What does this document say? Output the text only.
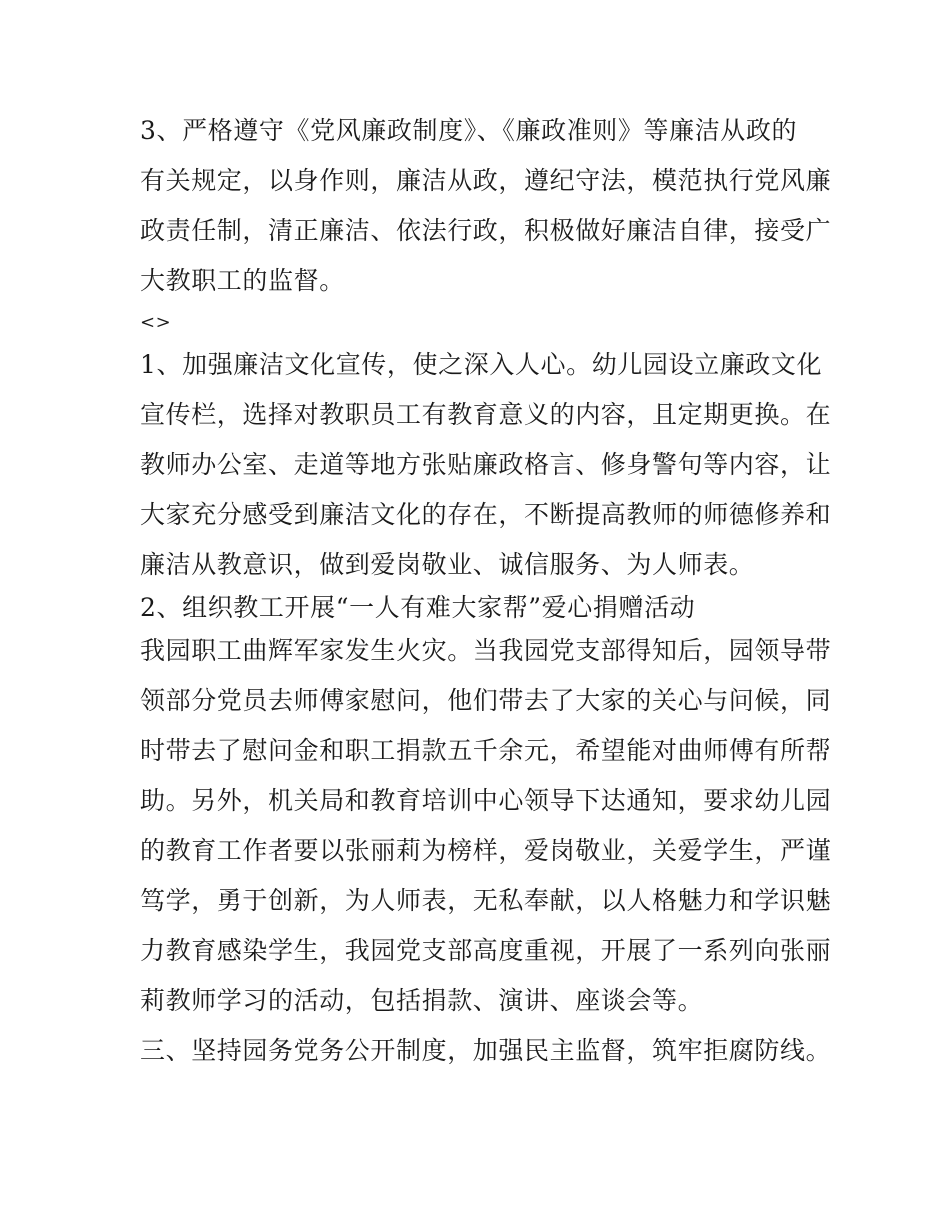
3、严格遵守《党风廉政制度》、《廉政准则》等廉洁从政的
有关规定，以身作则，廉洁从政，遵纪守法，模范执行党风廉
政责任制，清正廉洁、依法行政，积极做好廉洁自律，接受广
大教职工的监督。
<>
1、加强廉洁文化宣传，使之深入人心。幼儿园设立廉政文化
宣传栏，选择对教职员工有教育意义的内容，且定期更换。在
教师办公室、走道等地方张贴廉政格言、修身警句等内容，让
大家充分感受到廉洁文化的存在，不断提高教师的师德修养和
廉洁从教意识，做到爱岗敬业、诚信服务、为人师表。
2、组织教工开展“一人有难大家帮”爱心捐赠活动
我园职工曲辉军家发生火灾。当我园党支部得知后，园领导带
领部分党员去师傅家慰问，他们带去了大家的关心与问候，同
时带去了慰问金和职工捐款五千余元，希望能对曲师傅有所帮
助。另外，机关局和教育培训中心领导下达通知，要求幼儿园
的教育工作者要以张丽莉为榜样，爱岗敬业，关爱学生，严谨
笃学，勇于创新，为人师表，无私奉献，以人格魅力和学识魅
力教育感染学生，我园党支部高度重视，开展了一系列向张丽
莉教师学习的活动，包括捐款、演讲、座谈会等。
三、坚持园务党务公开制度，加强民主监督，筑牢拒腐防线。
